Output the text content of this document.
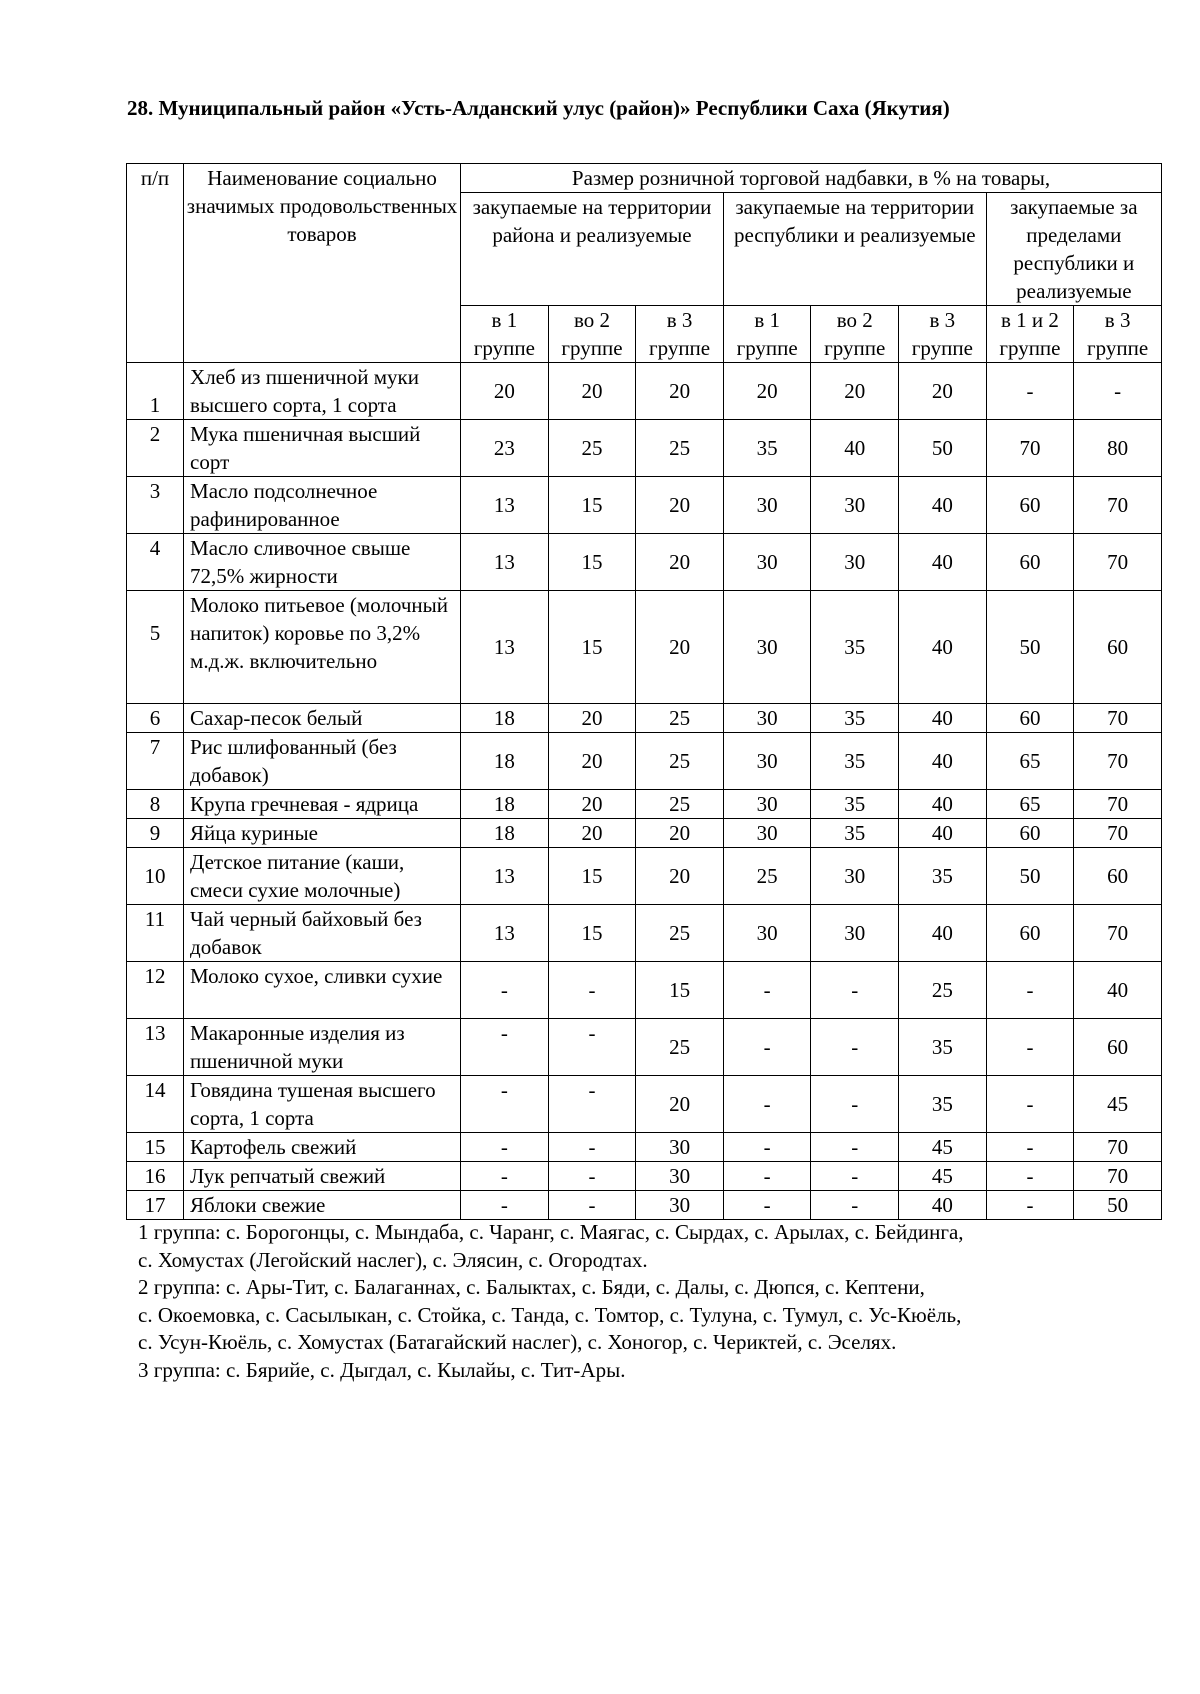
28. Муниципальный район «Усть-Алданский улус (район)» Республики Саха (Якутия)
п/п	Наименование социально значимых продовольственных товаров	Размер розничной торговой надбавки, в % на товары,							
		закупаемые на территории района и реализуемые			закупаемые на территории республики и реализуемые			закупаемые за пределами республики и реализуемые	
		в 1 группе	во 2 группе	в 3 группе	в 1 группе	во 2 группе	в 3 группе	в 1 и 2 группе	в 3 группе
1	Хлеб из пшеничной муки высшего сорта, 1 сорта	20	20	20	20	20	20	-	-
2	Мука пшеничная высший сорт	23	25	25	35	40	50	70	80
3	Масло подсолнечное рафинированное	13	15	20	30	30	40	60	70
4	Масло сливочное свыше 72,5% жирности	13	15	20	30	30	40	60	70
5	Молоко питьевое (молочный напиток) коровье по 3,2% м.д.ж. включительно	13	15	20	30	35	40	50	60
6	Сахар-песок белый	18	20	25	30	35	40	60	70
7	Рис шлифованный (без добавок)	18	20	25	30	35	40	65	70
8	Крупа гречневая - ядрица	18	20	25	30	35	40	65	70
9	Яйца куриные	18	20	20	30	35	40	60	70
10	Детское питание (каши, смеси сухие молочные)	13	15	20	25	30	35	50	60
11	Чай черный байховый без добавок	13	15	25	30	30	40	60	70
12	Молоко сухое, сливки сухие	-	-	15	-	-	25	-	40
13	Макаронные изделия из пшеничной муки	-	-	25	-	-	35	-	60
14	Говядина тушеная высшего сорта, 1 сорта	-	-	20	-	-	35	-	45
15	Картофель свежий	-	-	30	-	-	45	-	70
16	Лук репчатый свежий	-	-	30	-	-	45	-	70
17	Яблоки свежие	-	-	30	-	-	40	-	50
1 группа: с. Борогонцы, с. Мындаба, с. Чаранг, с. Маягас, с. Сырдах, с. Арылах, с. Бейдинга,
с. Хомустах (Легойский наслег), с. Элясин, с. Огородтах.
2 группа: с. Ары-Тит, с. Балаганнах, с. Балыктах, с. Бяди, с. Далы, с. Дюпся, с. Кептени,
с. Окоемовка, с. Сасылыкан, с. Стойка, с. Танда, с. Томтор, с. Тулуна, с. Тумул, с. Ус-Кюёль,
с. Усун-Кюёль, с. Хомустах (Батагайский наслег), с. Хоногор, с. Чериктей, с. Эселях.
3 группа: с. Бярийе, с. Дыгдал, с. Кылайы, с. Тит-Ары.
